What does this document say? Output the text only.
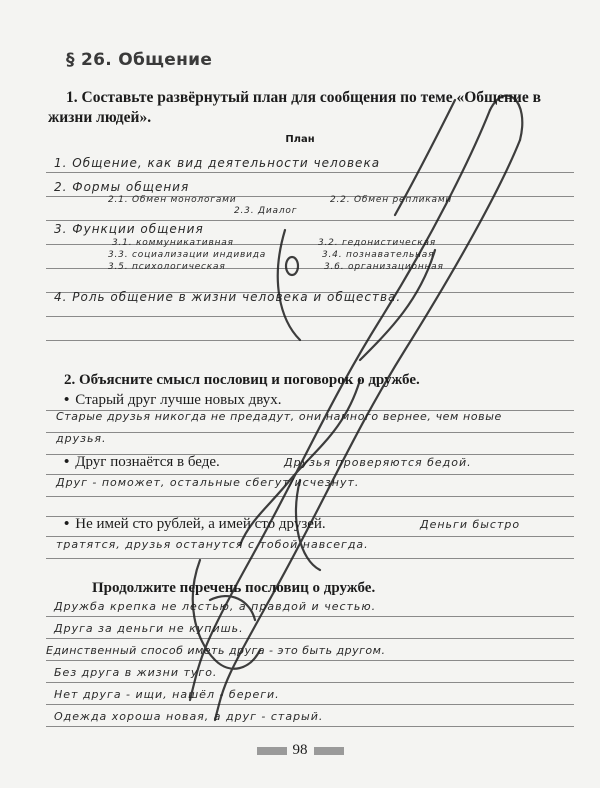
§ 26. Общение
1. Составьте развёрнутый план для сообщения по теме «Общение в жизни людей».
План
1. Общение, как вид деятельности человека
2. Формы общения
2.1. Обмен монологами	2.2. Обмен репликами
2.3. Диалог
3. Функции общения
3.1. коммуникативная	3.2. гедонистическая
3.3. социализации индивида	3.4. познавательная
3.5. психологическая	3.6. организационная
4. Роль общение в жизни человека и общества.
2. Объясните смысл пословиц и поговорок о дружбе.
• Старый друг лучше новых двух.
Старые друзья никогда не предадут, они намного вернее, чем новые
друзья.
• Друг познаётся в беде.	Друзья проверяются бедой.
Друг - поможет, остальные сбегут/исчезнут.
• Не имей сто рублей, а имей сто друзей.	Деньги быстро
тратятся, друзья останутся с тобой навсегда.
Продолжите перечень пословиц о дружбе.
Дружба крепка не лестью, а правдой и честью.
Друга за деньги не купишь.
Единственный способ иметь друга - это быть другом.
Без друга в жизни туго.
Нет друга - ищи, нашёл - береги.
Одежда хороша новая, а друг - старый.
98
